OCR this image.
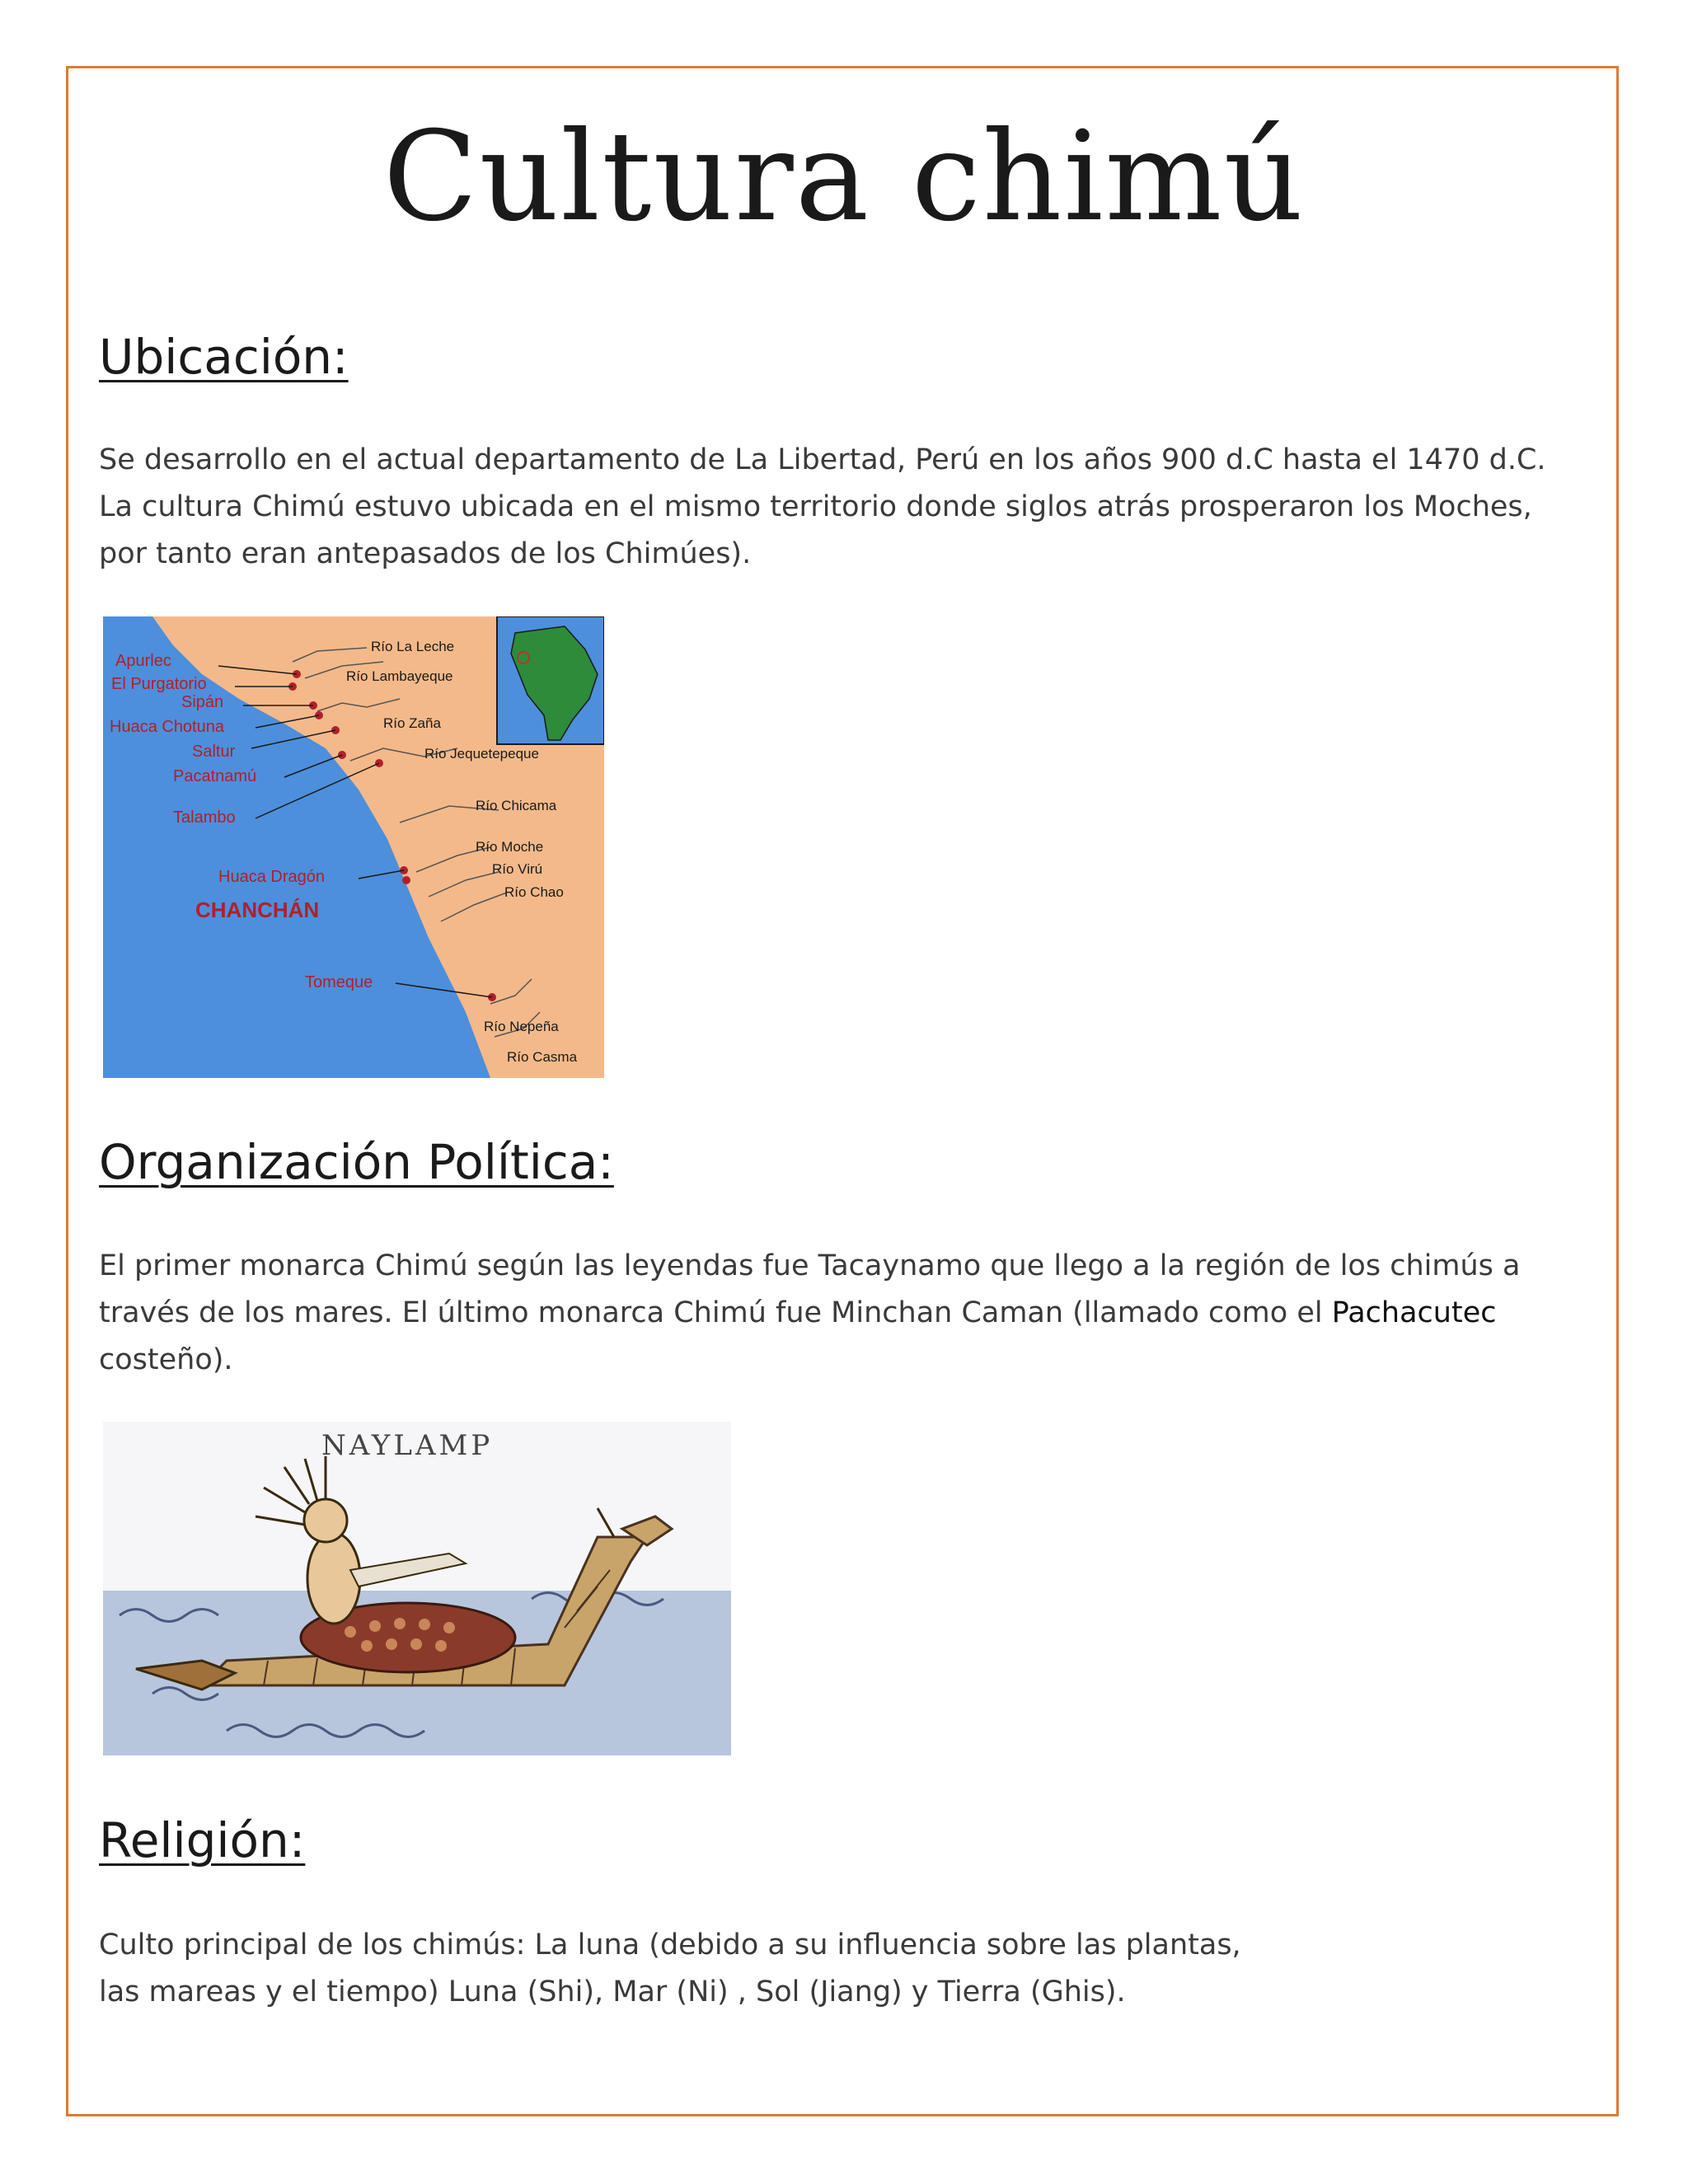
Cultura chimú
Ubicación:
Se desarrollo en el actual departamento de La Libertad, Perú en los años 900 d.C hasta el 1470 d.C.
La cultura Chimú estuvo ubicada en el mismo territorio donde siglos atrás prosperaron los Moches,
por tanto eran antepasados de los Chimúes).
Río La Leche
Río Lambayeque
Río Zaña
Río Jequetepeque
Río Chicama
Río Moche
Río Virú
Río Chao
Río Nepeña
Río Casma
Apurlec
El Purgatorio
Sipán
Huaca Chotuna
Saltur
Pacatnamú
Talambo
Huaca Dragón
Tomeque
CHANCHÁN
Organización Política:
El primer monarca Chimú según las leyendas fue Tacaynamo que llego a la región de los chimús a
través de los mares. El último monarca Chimú fue Minchan Caman (llamado como el Pachacutec
costeño).
NAYLAMP
Religión:
Culto principal de los chimús: La luna (debido a su influencia sobre las plantas,
las mareas y el tiempo) Luna (Shi), Mar (Ni) , Sol (Jiang) y Tierra (Ghis).
